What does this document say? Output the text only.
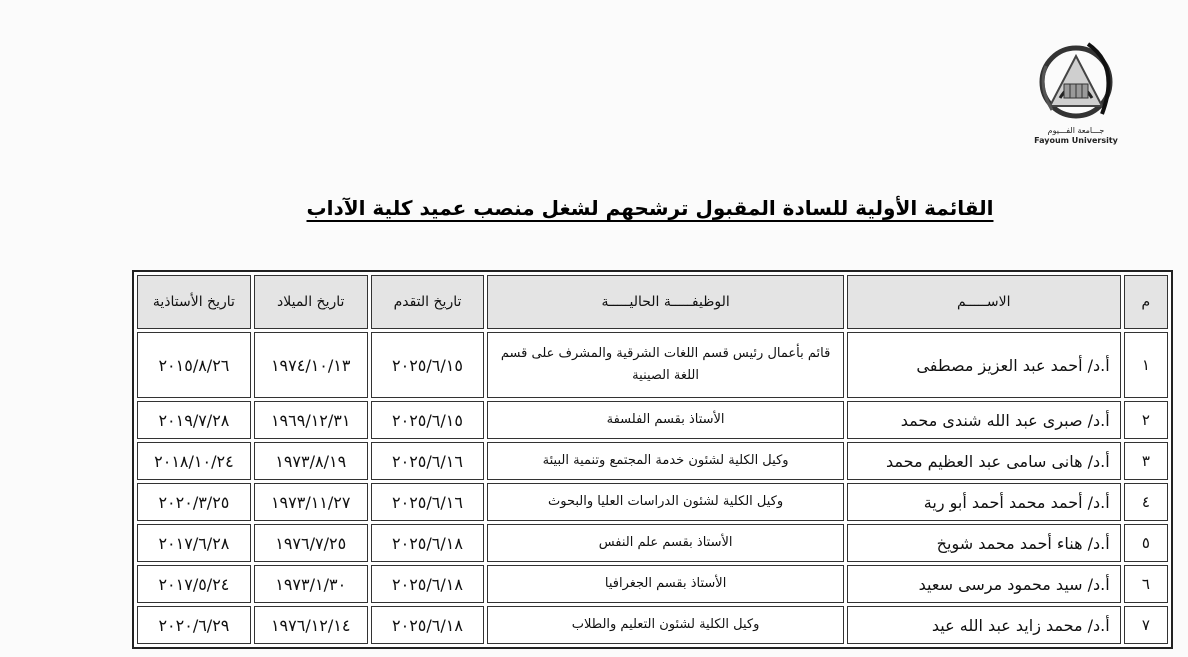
جـــامعة الفـــيوم
Fayoum University
القائمة الأولية للسادة المقبول ترشحهم لشغل منصب عميد كلية الآداب
م	الاســـــم	الوظيفـــــة الحاليـــــة	تاريخ التقدم	تاريخ الميلاد	تاريخ الأستاذية
١	أ.د/ أحمد عبد العزيز مصطفى	قائم بأعمال رئيس قسم اللغات الشرقية والمشرف على قسم اللغة الصينية	٢٠٢٥/٦/١٥	١٩٧٤/١٠/١٣	٢٠١٥/٨/٢٦
٢	أ.د/ صبرى عبد الله شندى محمد	الأستاذ بقسم الفلسفة	٢٠٢٥/٦/١٥	١٩٦٩/١٢/٣١	٢٠١٩/٧/٢٨
٣	أ.د/ هانى سامى عبد العظيم محمد	وكيل الكلية لشئون خدمة المجتمع وتنمية البيئة	٢٠٢٥/٦/١٦	١٩٧٣/٨/١٩	٢٠١٨/١٠/٢٤
٤	أ.د/ أحمد محمد أحمد أبو رية	وكيل الكلية لشئون الدراسات العليا والبحوث	٢٠٢٥/٦/١٦	١٩٧٣/١١/٢٧	٢٠٢٠/٣/٢٥
٥	أ.د/ هناء أحمد محمد شويخ	الأستاذ بقسم علم النفس	٢٠٢٥/٦/١٨	١٩٧٦/٧/٢٥	٢٠١٧/٦/٢٨
٦	أ.د/ سيد محمود مرسى سعيد	الأستاذ بقسم الجغرافيا	٢٠٢٥/٦/١٨	١٩٧٣/١/٣٠	٢٠١٧/٥/٢٤
٧	أ.د/ محمد زايد عبد الله عيد	وكيل الكلية لشئون التعليم والطلاب	٢٠٢٥/٦/١٨	١٩٧٦/١٢/١٤	٢٠٢٠/٦/٢٩
